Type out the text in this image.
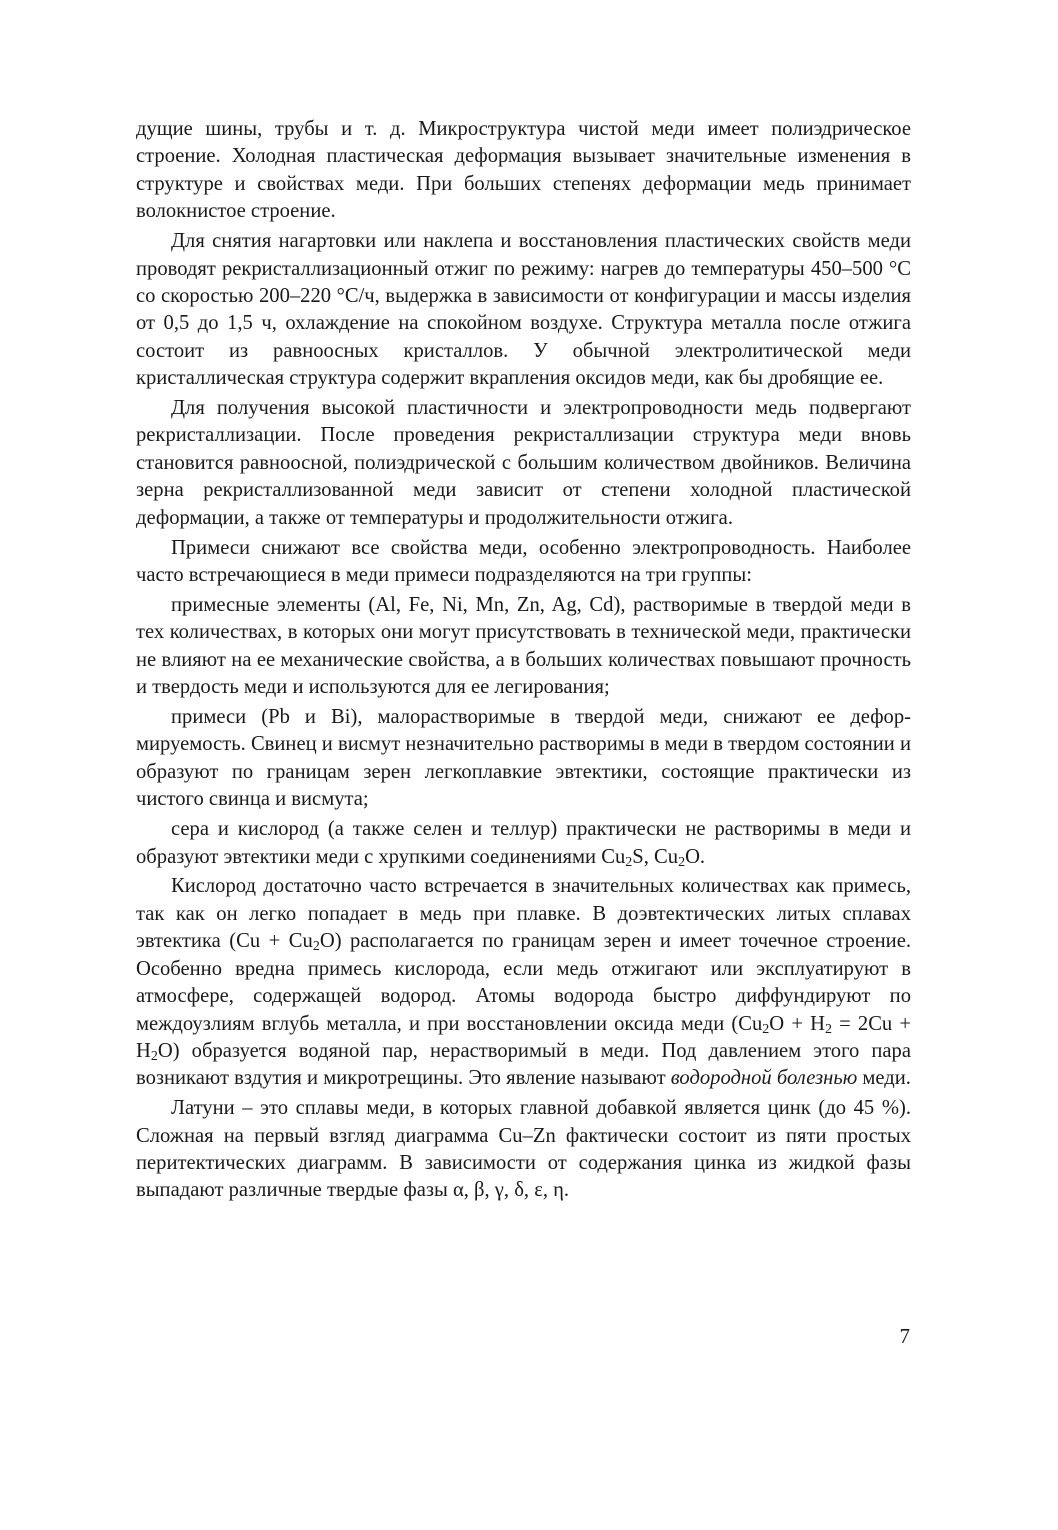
дущие шины, трубы и т. д. Микроструктура чистой меди имеет полиэдрическое строение. Холодная пластическая деформация вызывает значительные изменения в структуре и свойствах меди. При больших степенях деформации медь принимает волокнистое строение.

Для снятия нагартовки или наклепа и восстановления пластических свойств меди проводят рекристаллизационный отжиг по режиму: нагрев до температуры 450–500 °С со скоростью 200–220 °С/ч, выдержка в зависимости от конфигурации и массы изделия от 0,5 до 1,5 ч, охлаждение на спокойном воздухе. Структура металла после отжига состоит из равноосных кристаллов. У обычной электролитической меди кристаллическая структура содержит вкрапления оксидов меди, как бы дробящие ее.

Для получения высокой пластичности и электропроводности медь подвергают рекристаллизации. После проведения рекристаллизации структура меди вновь становится равноосной, полиэдрической с большим количеством двойников. Величина зерна рекристаллизованной меди зависит от степени холодной пластической деформации, а также от температуры и продолжительности отжига.

Примеси снижают все свойства меди, особенно электропроводность. Наиболее часто встречающиеся в меди примеси подразделяются на три группы:

примесные элементы (Al, Fe, Ni, Mn, Zn, Ag, Cd), растворимые в твердой меди в тех количествах, в которых они могут присутствовать в технической меди, практически не влияют на ее механические свойства, а в больших количествах повышают прочность и твердость меди и используются для ее легирования;

примеси (Pb и Bi), малорастворимые в твердой меди, снижают ее деформируемость. Свинец и висмут незначительно растворимы в меди в твердом состоянии и образуют по границам зерен легкоплавкие эвтектики, состоящие практически из чистого свинца и висмута;

сера и кислород (а также селен и теллур) практически не растворимы в меди и образуют эвтектики меди с хрупкими соединениями $Cu_2S$, $Cu_2O$.

Кислород достаточно часто встречается в значительных количествах как примесь, так как он легко попадает в медь при плавке. В доэвтектических литых сплавах эвтектика $(Cu + Cu_2O)$ располагается по границам зерен и имеет точечное строение. Особенно вредна примесь кислорода, если медь отжигают или эксплуатируют в атмосфере, содержащей водород. Атомы водорода быстро диффундируют по междоузлиям вглубь металла, и при восстановлении оксида меди $(Cu_2O + H_2 = 2Cu + H_2O)$ образуется водяной пар, нерастворимый в меди. Под давлением этого пара возникают вздутия и микротрещины. Это явление называют водородной болезнью меди.

Латуни – это сплавы меди, в которых главной добавкой является цинк (до 45 %). Сложная на первый взгляд диаграмма Cu–Zn фактически состоит из пяти простых перитектических диаграмм. В зависимости от содержания цинка из жидкой фазы выпадают различные твердые фазы α, β, γ, δ, ε, η.

7
